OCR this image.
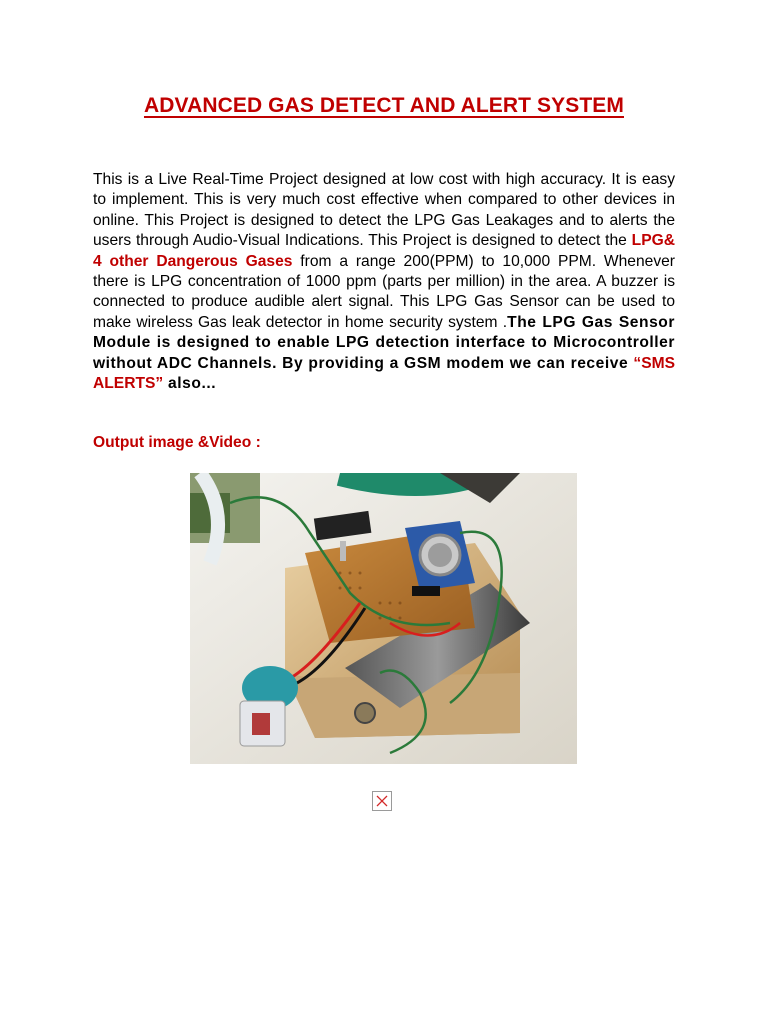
ADVANCED GAS DETECT AND ALERT SYSTEM
This is a Live Real-Time Project designed at low cost with high accuracy. It is easy to implement. This is very much cost effective when compared to other devices in online. This Project is designed to detect the LPG Gas Leakages and to alerts the users through Audio-Visual Indications. This Project is designed to detect the LPG& 4 other Dangerous Gases from a range 200(PPM) to 10,000 PPM. Whenever there is LPG concentration of 1000 ppm (parts per million) in the area. A buzzer is connected to produce audible alert signal. This LPG Gas Sensor can be used to make wireless Gas leak detector in home security system .The LPG Gas Sensor Module is designed to enable LPG detection interface to Microcontroller without ADC Channels. By providing a GSM modem we can receive “SMS ALERTS” also...
Output image &Video :
